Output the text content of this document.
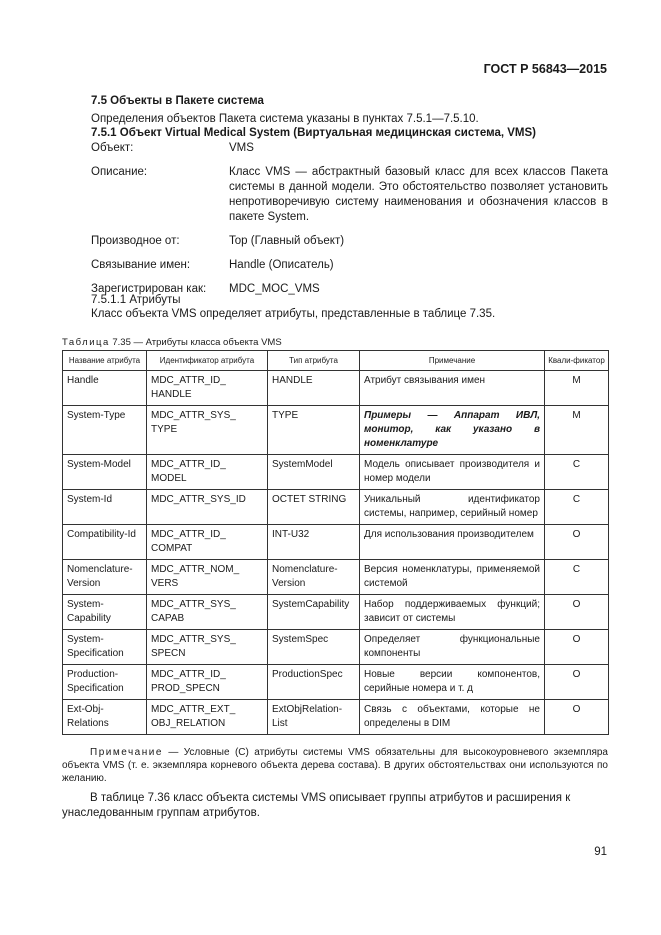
ГОСТ Р 56843—2015
7.5 Объекты в Пакете система
Определения объектов Пакета система указаны в пунктах 7.5.1—7.5.10.
7.5.1 Объект Virtual Medical System (Виртуальная медицинская система, VMS)
Объект:	VMS
Описание:	Класс VMS — абстрактный базовый класс для всех классов Пакета системы в данной модели. Это обстоятельство позволяет установить непротиворечивую систему наименования и обозначения классов в пакете System.
Производное от:	Top (Главный объект)
Связывание имен:	Handle (Описатель)
Зарегистрирован как:	MDC_MOC_VMS
7.5.1.1 Атрибуты
Класс объекта VMS определяет атрибуты, представленные в таблице 7.35.
Таблица 7.35 — Атрибуты класса объекта VMS
Название атрибута	Идентификатор атрибута	Тип атрибута	Примечание	Квали-фикатор
Handle	MDC_ATTR_ID_ HANDLE	HANDLE	Атрибут связывания имен	M
System-Type	MDC_ATTR_SYS_ TYPE	TYPE	Примеры — Аппарат ИВЛ, монитор, как указано в номенклатуре	M
System-Model	MDC_ATTR_ID_ MODEL	SystemModel	Модель описывает производителя и номер модели	C
System-Id	MDC_ATTR_SYS_ID	OCTET STRING	Уникальный идентификатор системы, например, серийный номер	C
Compatibility-Id	MDC_ATTR_ID_ COMPAT	INT-U32	Для использования производителем	O
Nomenclature-Version	MDC_ATTR_NOM_ VERS	Nomenclature-Version	Версия номенклатуры, применяемой системой	C
System-Capability	MDC_ATTR_SYS_ CAPAB	SystemCapability	Набор поддерживаемых функций; зависит от системы	O
System-Specification	MDC_ATTR_SYS_ SPECN	SystemSpec	Определяет функциональные компоненты	O
Production-Specification	MDC_ATTR_ID_ PROD_SPECN	ProductionSpec	Новые версии компонентов, серийные номера и т. д	O
Ext-Obj-Relations	MDC_ATTR_EXT_ OBJ_RELATION	ExtObjRelation-List	Связь с объектами, которые не определены в DIM	O
Примечание — Условные (С) атрибуты системы VMS обязательны для высокоуровневого экземпляра объекта VMS (т. е. экземпляра корневого объекта дерева состава). В других обстоятельствах они используются по желанию.
В таблице 7.36 класс объекта системы VMS описывает группы атрибутов и расширения к унаследованным группам атрибутов.
91
